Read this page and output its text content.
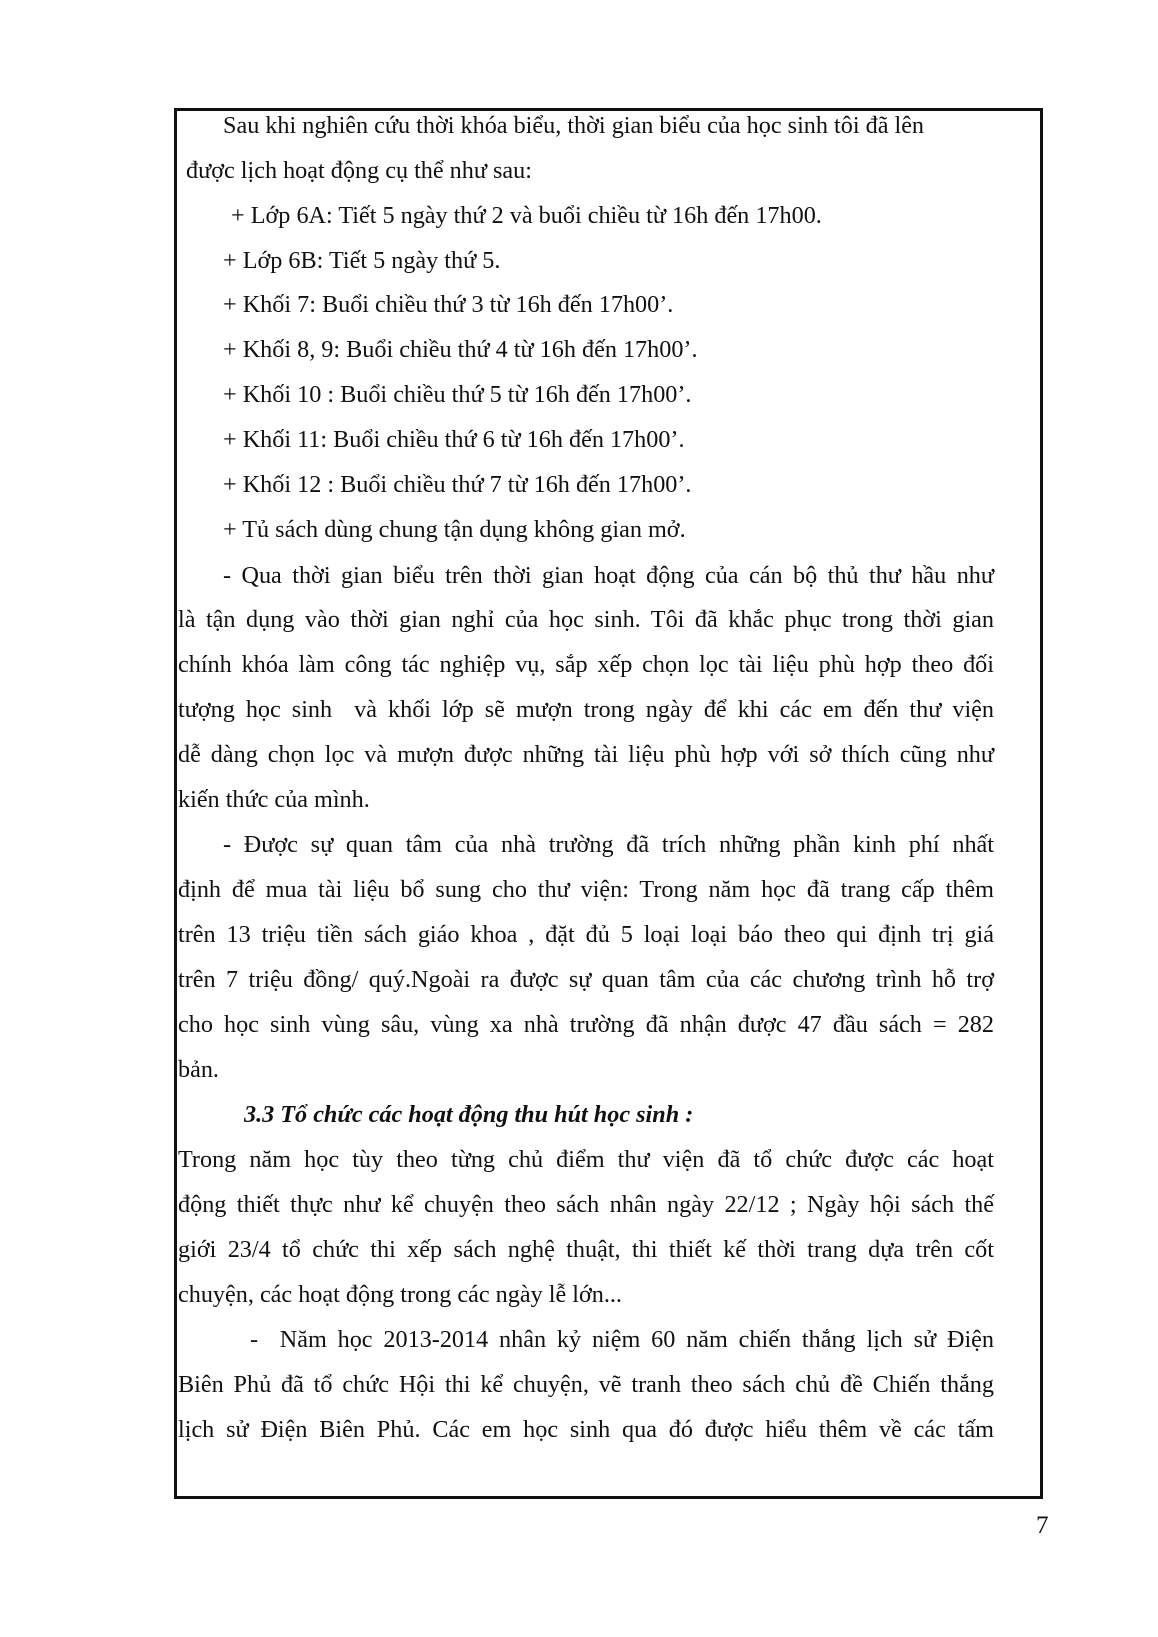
Sau khi nghiên cứu thời khóa biểu, thời gian biểu của học sinh tôi đã lên
được lịch hoạt động cụ thể như sau:
+ Lớp 6A: Tiết 5 ngày thứ 2 và buổi chiều từ 16h đến 17h00.
+ Lớp 6B: Tiết 5 ngày thứ 5.
+ Khối 7: Buổi chiều thứ 3 từ 16h đến 17h00’.
+ Khối 8, 9: Buổi chiều thứ 4 từ 16h đến 17h00’.
+ Khối 10 : Buổi chiều thứ 5 từ 16h đến 17h00’.
+ Khối 11: Buổi chiều thứ 6 từ 16h đến 17h00’.
+ Khối 12 : Buổi chiều thứ 7 từ 16h đến 17h00’.
+ Tủ sách dùng chung tận dụng không gian mở.
- Qua thời gian biểu trên thời gian hoạt động của cán bộ thủ thư hầu như
là tận dụng vào thời gian nghỉ của học sinh. Tôi đã khắc phục trong thời gian
chính khóa làm công tác nghiệp vụ, sắp xếp chọn lọc tài liệu phù hợp theo đối
tượng học sinh  và khối lớp sẽ mượn trong ngày để khi các em đến thư viện
dễ dàng chọn lọc và mượn được những tài liệu phù hợp với sở thích cũng như
kiến thức của mình.
- Được sự quan tâm của nhà trường đã trích những phần kinh phí nhất
định để mua tài liệu bổ sung cho thư viện: Trong năm học đã trang cấp thêm
trên 13 triệu tiền sách giáo khoa , đặt đủ 5 loại loại báo theo qui định trị giá
trên 7 triệu đồng/ quý.Ngoài ra được sự quan tâm của các chương trình hỗ trợ
cho học sinh vùng sâu, vùng xa nhà trường đã nhận được 47 đầu sách = 282
bản.
3.3 Tổ chức các hoạt động thu hút học sinh :
Trong năm học tùy theo từng chủ điểm thư viện đã tổ chức được các hoạt
động thiết thực như kể chuyện theo sách nhân ngày 22/12 ; Ngày hội sách thế
giới 23/4 tổ chức thi xếp sách nghệ thuật, thi thiết kế thời trang dựa trên cốt
chuyện, các hoạt động trong các ngày lễ lớn...
-  Năm học 2013-2014 nhân kỷ niệm 60 năm chiến thắng lịch sử Điện
Biên Phủ đã tổ chức Hội thi kể chuyện, vẽ tranh theo sách chủ đề Chiến thắng
lịch sử Điện Biên Phủ. Các em học sinh qua đó được hiểu thêm về các tấm
7
